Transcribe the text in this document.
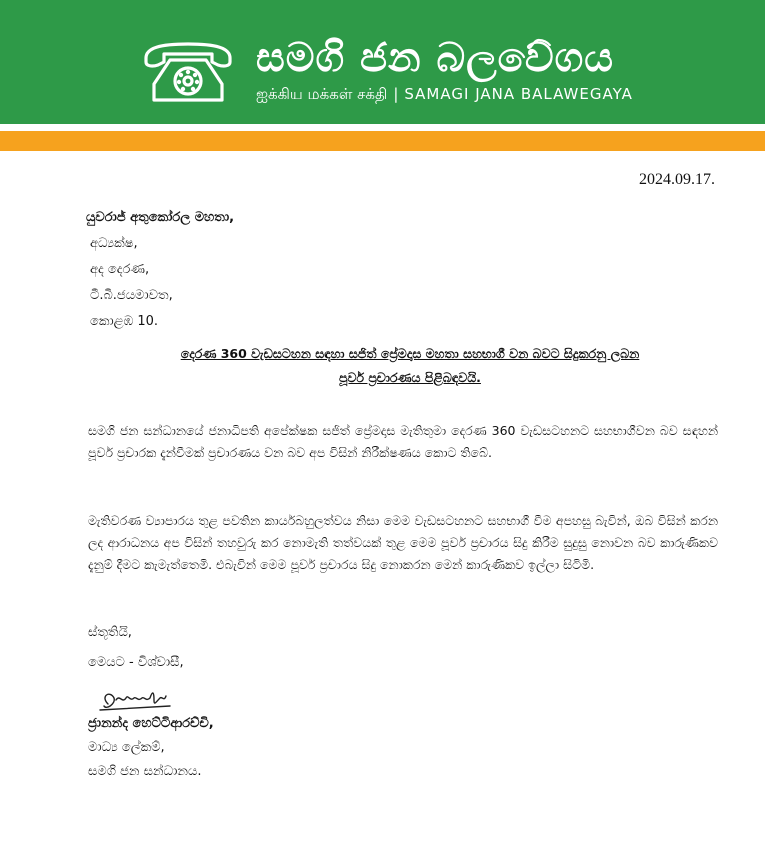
සමගි ජන බලවේගය
ஐக்கிய மக்கள் சக்தி | SAMAGI JANA BALAWEGAYA
2024.09.17.
යුවරාජ් අතුකෝරල මහතා,
අධ්‍යක්ෂ,
අද දෙරණ,
ටී.බී.ජයමාවත,
කොළඹ 10.
දෙරණ 360 වැඩසටහන සඳහා සජිත් ප්‍රේමදාස මහතා සහභාගී වන බවට සිදුකරනු ලබන
පූර්ව ප්‍රචාරණය පිළිබඳවයි.
සමගි ජන සන්ධානයේ ජනාධිපති අපේක්ෂක සජිත් ප්‍රේමදාස මැතිතුමා දෙරණ 360 වැඩසටහනට සහභාගීවන බව සඳහන් පූර්ව ප්‍රචාරක දැන්වීමක් ප්‍රචාරණය වන බව අප විසින් නිරීක්ෂණය කොට තිබේ.
මැතිවරණ ව්‍යාපාරය තුළ පවතින කාර්යබහුලත්වය නිසා මෙම වැඩසටහනට සහභාගී වීම අපහසු බැවින්, ඔබ විසින් කරන ලද ආරාධනය අප විසින් තහවුරු කර නොමැති තත්වයක් තුළ මෙම පූර්ව ප්‍රචාරය සිදු කිරීම සුදුසු නොවන බව කාරුණිකව දැනුම් දීමට කැමැත්තෙමි. එබැවින් මෙම පූර්ව ප්‍රචාරය සිදු නොකරන මෙන් කාරුණිකව ඉල්ලා සිටිමි.
ස්තූතියි,
මෙයට - විශ්වාසී,
ජ්‍රානන්ද හෙට්ටිආරච්චි,
මාධ්‍ය ලේකම්,
සමගි ජන සන්ධානය.
